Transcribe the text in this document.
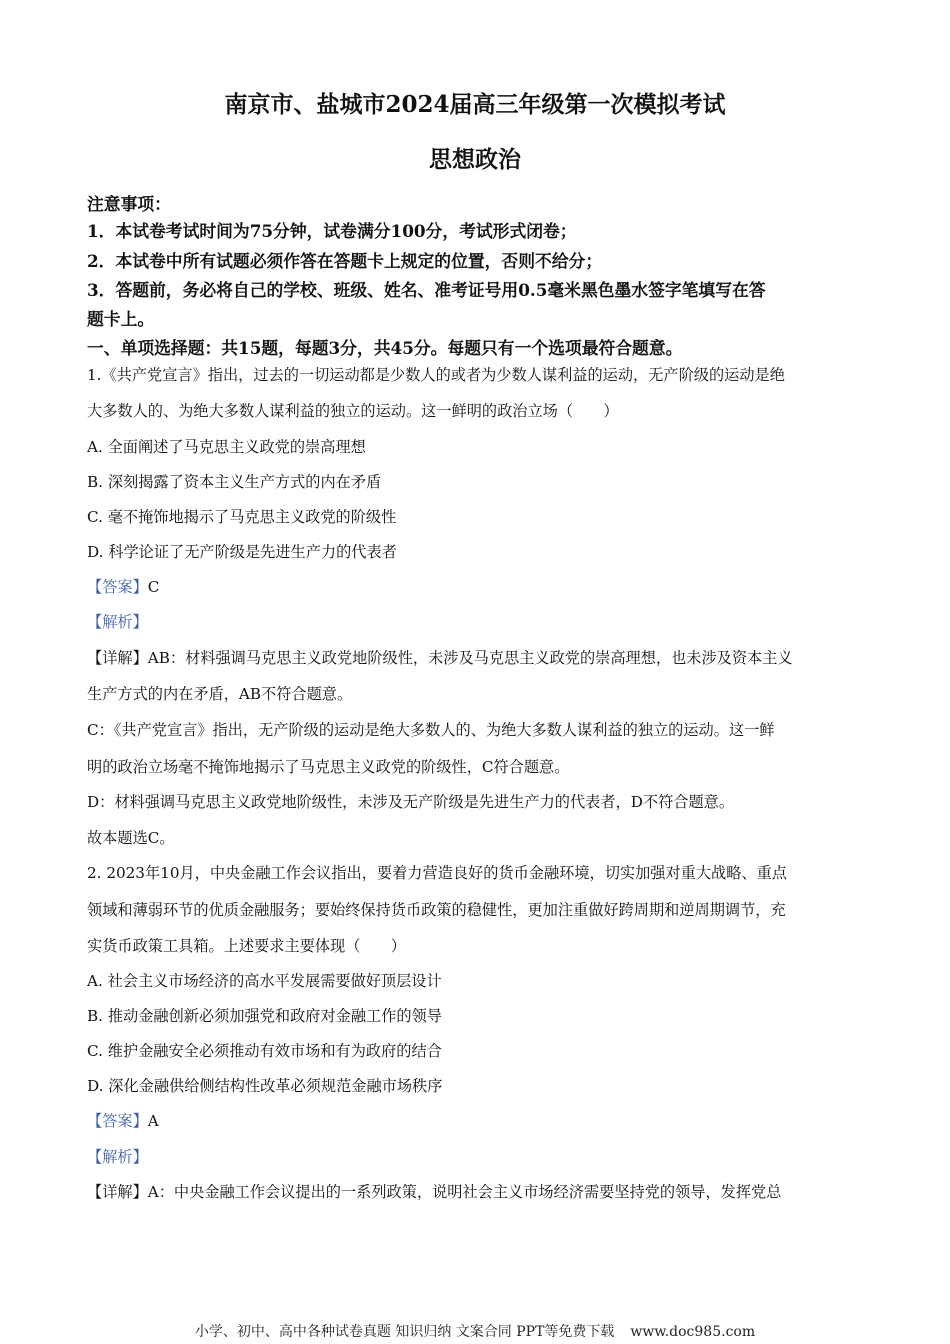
南京市、盐城市2024届高三年级第一次模拟考试
思想政治
注意事项：
1．本试卷考试时间为75分钟，试卷满分100分，考试形式闭卷；
2．本试卷中所有试题必须作答在答题卡上规定的位置，否则不给分；
3．答题前，务必将自己的学校、班级、姓名、准考证号用0.5毫米黑色墨水签字笔填写在答
题卡上。
一、单项选择题：共15题，每题3分，共45分。每题只有一个选项最符合题意。
1.《共产党宣言》指出，过去的一切运动都是少数人的或者为少数人谋利益的运动，无产阶级的运动是绝
大多数人的、为绝大多数人谋利益的独立的运动。这一鲜明的政治立场（　　）
A. 全面阐述了马克思主义政党的崇高理想
B. 深刻揭露了资本主义生产方式的内在矛盾
C. 毫不掩饰地揭示了马克思主义政党的阶级性
D. 科学论证了无产阶级是先进生产力的代表者
【答案】C
【解析】
【详解】AB：材料强调马克思主义政党地阶级性，未涉及马克思主义政党的崇高理想，也未涉及资本主义
生产方式的内在矛盾，AB不符合题意。
C：《共产党宣言》指出，无产阶级的运动是绝大多数人的、为绝大多数人谋利益的独立的运动。这一鲜
明的政治立场毫不掩饰地揭示了马克思主义政党的阶级性，C符合题意。
D：材料强调马克思主义政党地阶级性，未涉及无产阶级是先进生产力的代表者，D不符合题意。
故本题选C。
2. 2023年10月，中央金融工作会议指出，要着力营造良好的货币金融环境，切实加强对重大战略、重点
领域和薄弱环节的优质金融服务；要始终保持货币政策的稳健性，更加注重做好跨周期和逆周期调节，充
实货币政策工具箱。上述要求主要体现（　　）
A. 社会主义市场经济的高水平发展需要做好顶层设计
B. 推动金融创新必须加强党和政府对金融工作的领导
C. 维护金融安全必须推动有效市场和有为政府的结合
D. 深化金融供给侧结构性改革必须规范金融市场秩序
【答案】A
【解析】
【详解】A：中央金融工作会议提出的一系列政策，说明社会主义市场经济需要坚持党的领导，发挥党总
小学、初中、高中各种试卷真题 知识归纳 文案合同 PPT等免费下载 www.doc985.com
